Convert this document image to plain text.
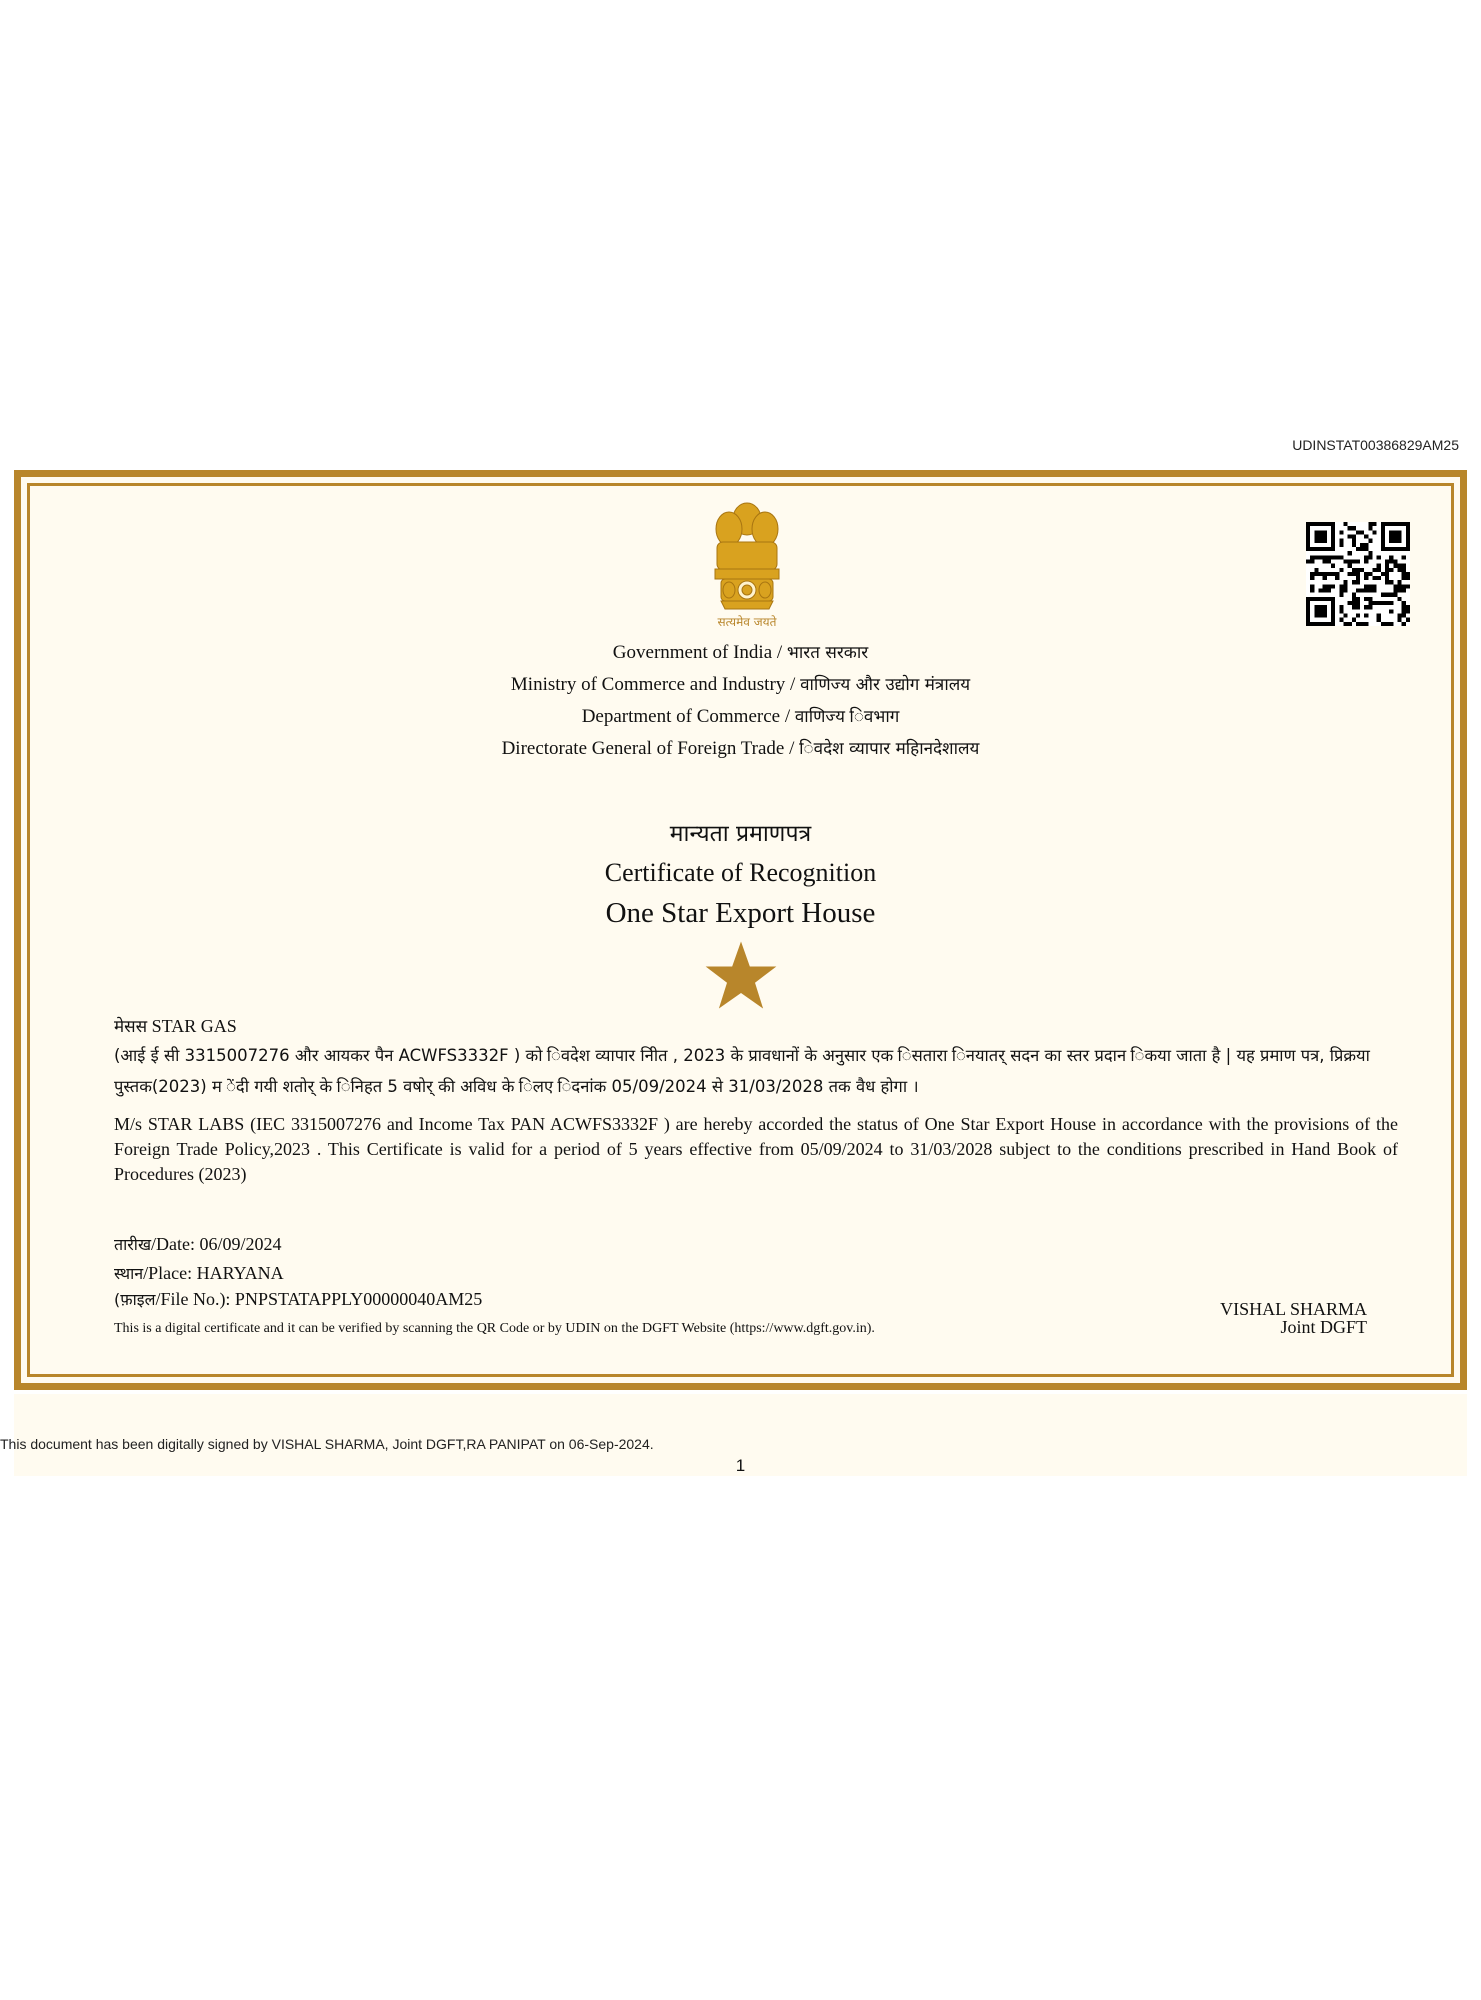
UDINSTAT00386829AM25
सत्यमेव जयते
Government of India / भारत सरकार
Ministry of Commerce and Industry / वाणिज्य और उद्योग मंत्रालय
Department of Commerce / वाणिज्य िवभाग
Directorate General of Foreign Trade / िवदेश व्यापार महािनदेशालय
मान्यता प्रमाणपत्र
Certificate of Recognition
One Star Export House
मेसस STAR GAS
(आई ई सी 3315007276 और आयकर पैन ACWFS3332F ) को िवदेश व्यापार नीित , 2023 के प्रावधानों के अनुसार एक िसतारा िनयातर् सदन का स्तर प्रदान िकया जाता है | यह प्रमाण पत्र, प्रिक्रया पुस्तक(2023) म ेंदी गयी शतोर् के िनिहत 5 वषोर् की अविध के िलए िदनांक 05/09/2024 से 31/03/2028 तक वैध होगा ।
M/s STAR LABS (IEC 3315007276 and Income Tax PAN ACWFS3332F ) are hereby accorded the status of One Star Export House in accordance with the provisions of the Foreign Trade Policy,2023 . This Certificate is valid for a period of 5 years effective from 05/09/2024 to 31/03/2028 subject to the conditions prescribed in Hand Book of Procedures (2023)
तारीख/Date: 06/09/2024
स्थान/Place: HARYANA
(फ़ाइल/File No.): PNPSTATAPPLY00000040AM25
This is a digital certificate and it can be verified by scanning the QR Code or by UDIN on the DGFT Website (https://www.dgft.gov.in).
VISHAL SHARMA
Joint DGFT
This document has been digitally signed by VISHAL SHARMA, Joint DGFT,RA PANIPAT on 06-Sep-2024.
1
